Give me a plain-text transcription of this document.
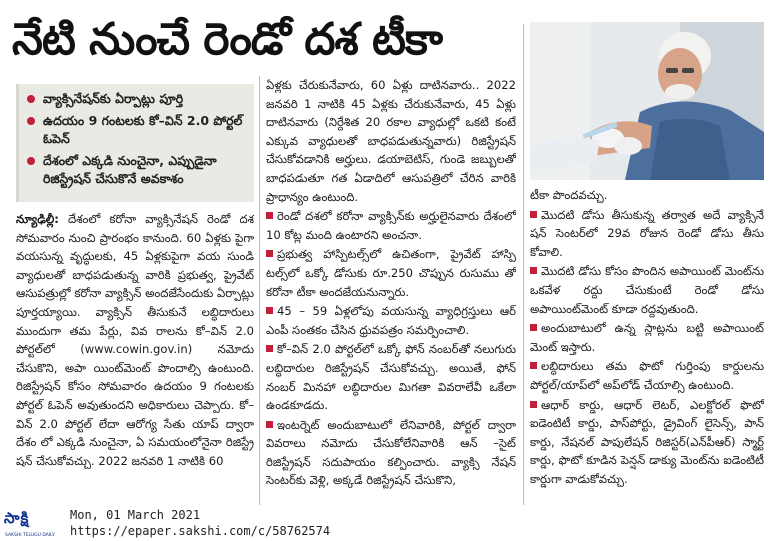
నేటి నుంచే రెండో దశ టీకా
వ్యాక్సినేషన్‌కు ఏర్పాట్లు పూర్తి
ఉదయం 9 గంటలకు కో–విన్ 2.0 పోర్టల్ ఓపెన్
దేశంలో ఎక్కడి నుంచైనా, ఎప్పుడైనా రిజిస్ట్రేషన్ చేసుకొనే అవకాశం

న్యూఢిల్లీ: దేశంలో కరోనా వ్యాక్సినేషన్ రెండో దశ సోమవారం నుంచి ప్రారంభం కానుంది. 60 ఏళ్లకు పైగా వయసున్న వృద్ధులకు, 45 ఏళ్లకుపైగా వయ సుండి వ్యాధులతో బాధపడుతున్న వారికి ప్రభుత్వ, ప్రైవేట్ ఆసుపత్రుల్లో కరోనా వ్యాక్సిన్ అందజేసేందుకు ఏర్పాట్లు పూర్తయ్యాయి. వ్యాక్సిన్ తీసుకునే లబ్ధిదారులు ముందుగా తమ పేర్లు, వివ రాలను కో–విన్ 2.0 పోర్టల్‌లో (www.cowin.gov.in) నమోదు చేసుకొని, అపా యింట్‌మెంట్ పొందాల్సి ఉంటుంది. రిజిస్ట్రేషన్ కోసం సోమవారం ఉదయం 9 గంటలకు పోర్టల్ ఓపెన్ అవుతుందని అధికారులు చెప్పారు. కో–విన్ 2.0 పోర్టల్ లేదా ఆరోగ్య సేతు యాప్ ద్వారా దేశం లో ఎక్కడి నుంచైనా, ఏ సమయంలోనైనా రిజిస్ట్రే షన్ చేసుకోవచ్చు. 2022 జనవరి 1 నాటికి 60

ఏళ్లకు చేరుకునేవారు, 60 ఏళ్లు దాటినవారు.. 2022 జనవరి 1 నాటికి 45 ఏళ్లకు చేరుకునేవారు, 45 ఏళ్లు దాటినవారు (నిర్దేశిత 20 రకాల వ్యాధుల్లో ఒకటి కంటే ఎక్కువ వ్యాధులతో బాధపడుతున్నవారు) రిజిస్ట్రేషన్ చేసుకోవడానికి అర్హులు. డయాబెటిస్, గుండె జబ్బులతో బాధపడుతూ గత ఏడాదిలో ఆసుపత్రిలో చేరిన వారికి ప్రాధాన్యం ఉంటుంది.

రెండో దశలో కరోనా వ్యాక్సిన్‌కు అర్హులైనవారు దేశంలో 10 కోట్ల మంది ఉంటారని అంచనా.

ప్రభుత్వ హాస్పిటల్స్‌లో ఉచితంగా, ప్రైవేట్ హాస్పి టల్స్‌లో ఒక్కో డోసుకు రూ.250 చొప్పున రుసుము తో కరోనా టీకా అందజేయనున్నారు.

45 – 59 ఏళ్లలోపు వయసున్న వ్యాధిగ్రస్తులు ఆర్ ఎంపీ సంతకం చేసిన ధ్రువపత్రం సమర్పించాలి.

కో–విన్ 2.0 పోర్టల్‌లో ఒక్కో ఫోన్ నంబర్‌తో నలుగురు లబ్ధిదారుల రిజిస్ట్రేషన్ చేసుకోవచ్చు. అయితే, ఫోన్ నంబర్ మినహా లబ్ధిదారుల మిగతా వివరాలేవీ ఒకేలా ఉండకూడదు.

ఇంటర్నెట్ అందుబాటులో లేనివారికి, పోర్టల్ ద్వారా వివరాలు నమోదు చేసుకోలేనివారికి ఆన్ –సైట్ రిజిస్ట్రేషన్ సదుపాయం కల్పించారు. వ్యాక్సి నేషన్ సెంటర్‌కు వెళ్లి, అక్కడే రిజిస్ట్రేషన్ చేసుకొని,

టీకా పొందవచ్చు.

మొదటి డోసు తీసుకున్న తర్వాత అదే వ్యాక్సినే షన్ సెంటర్‌లో 29వ రోజున రెండో డోసు తీసు కోవాలి.

మొదటి డోసు కోసం పొందిన అపాయింట్ మెంట్‌ను ఒకవేళ రద్దు చేసుకుంటే రెండో డోసు అపాయింట్‌మెంట్ కూడా రద్దవుతుంది.

అందుబాటులో ఉన్న స్లాట్లను బట్టి అపాయింట్ మెంట్ ఇస్తారు.

లబ్ధిదారులు తమ ఫొటో గుర్తింపు కార్డులను పోర్టల్/యాప్‌లో అప్‌లోడ్ చేయాల్సి ఉంటుంది.

ఆధార్ కార్డు, ఆధార్ లెటర్, ఎలక్టోరల్ ఫొటో ఐడెంటిటీ కార్డు, పాస్‌పోర్టు, డ్రైవింగ్ లైసెన్స్, పాన్ కార్డు, నేషనల్ పాపులేషన్ రిజిస్టర్(ఎన్‌పీఆర్) స్మార్ట్ కార్డు, ఫొటో కూడిన పెన్షన్ డాక్యు మెంట్‌ను ఐడెంటిటీ కార్డుగా వాడుకోవచ్చు.

సాక్షి
SAKSHI TELUGU DAILY
Mon, 01 March 2021
https://epaper.sakshi.com/c/58762574
